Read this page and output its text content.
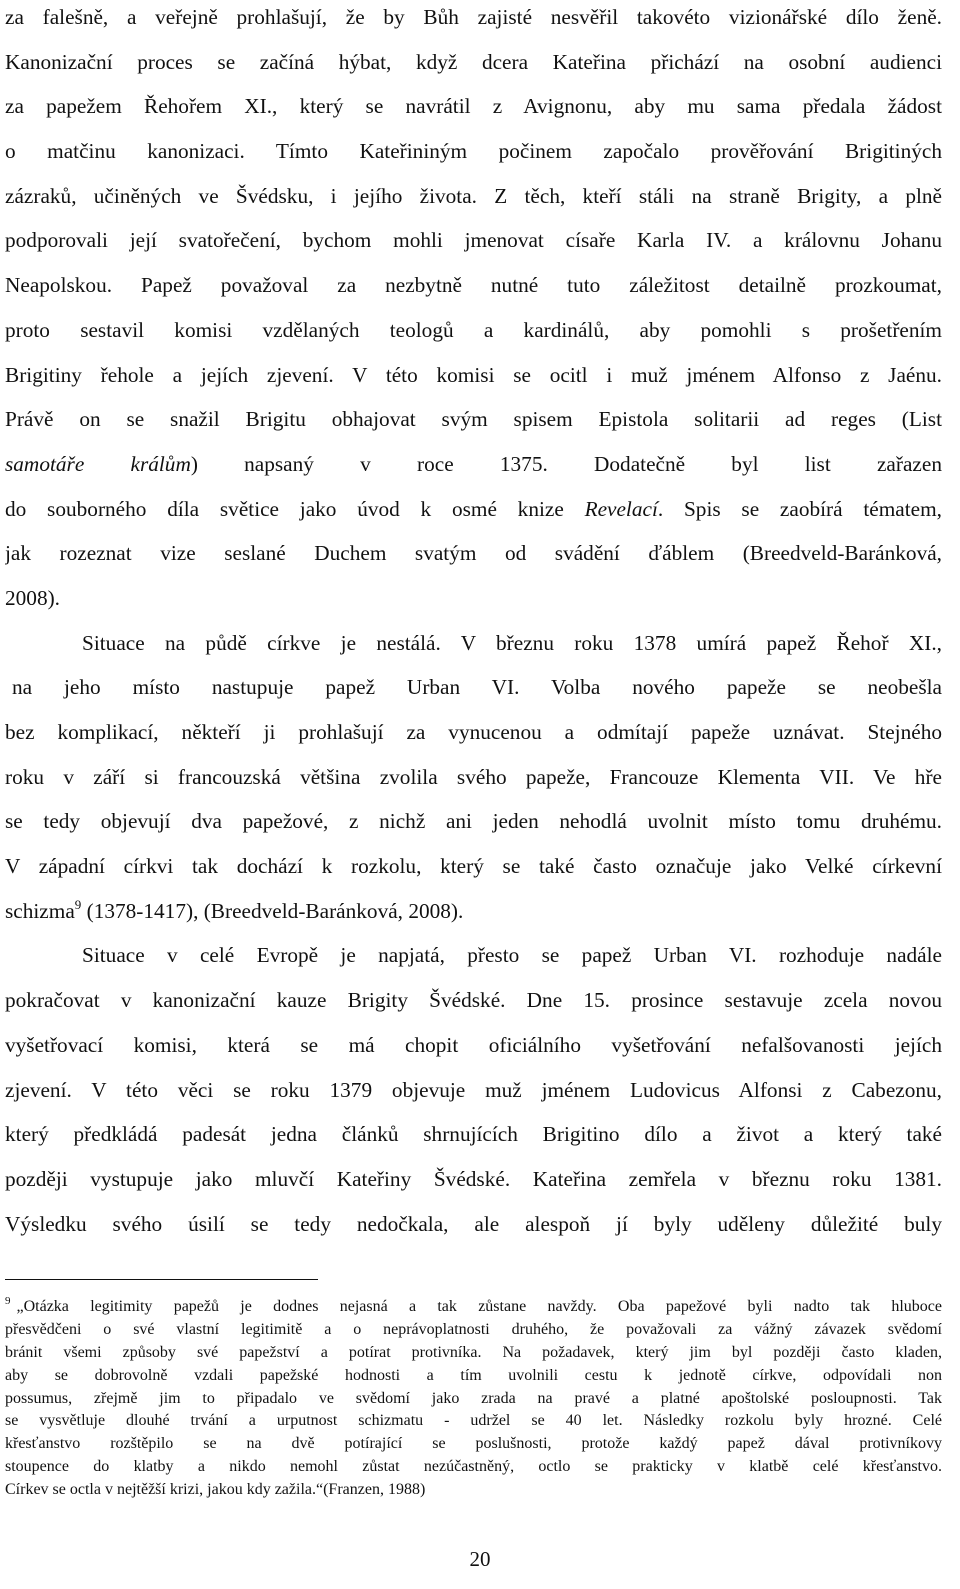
za falešně, a veřejně prohlašují, že by Bůh zajisté nesvěřil takovéto vizionářské dílo ženě.
Kanonizační proces se začíná hýbat, když dcera Kateřina přichází na osobní audienci
za papežem Řehořem XI., který se navrátil z Avignonu, aby mu sama předala žádost
o matčinu kanonizaci. Tímto Kateřininým počinem započalo prověřování Brigitiných
zázraků, učiněných ve Švédsku, i jejího života. Z těch, kteří stáli na straně Brigity, a plně
podporovali její svatořečení, bychom mohli jmenovat císaře Karla IV. a královnu Johanu
Neapolskou. Papež považoval za nezbytně nutné tuto záležitost detailně prozkoumat,
proto sestavil komisi vzdělaných teologů a kardinálů, aby pomohli s prošetřením
Brigitiny řehole a jejích zjevení. V této komisi se ocitl i muž jménem Alfonso z Jaénu.
Právě on se snažil Brigitu obhajovat svým spisem Epistola solitarii ad reges (List
samotáře králům) napsaný v roce 1375. Dodatečně byl list zařazen
do souborného díla světice jako úvod k osmé knize Revelací. Spis se zaobírá tématem,
jak rozeznat vize seslané Duchem svatým od svádění ďáblem (Breedveld-Baránková,
2008).
Situace na půdě církve je nestálá. V březnu roku 1378 umírá papež Řehoř XI.,
na jeho místo nastupuje papež Urban VI. Volba nového papeže se neobešla
bez komplikací, někteří ji prohlašují za vynucenou a odmítají papeže uznávat. Stejného
roku v září si francouzská většina zvolila svého papeže, Francouze Klementa VII. Ve hře
se tedy objevují dva papežové, z nichž ani jeden nehodlá uvolnit místo tomu druhému.
V západní církvi tak dochází k rozkolu, který se také často označuje jako Velké církevní
schizma$^9$ (1378-1417), (Breedveld-Baránková, 2008).
Situace v celé Evropě je napjatá, přesto se papež Urban VI. rozhoduje nadále
pokračovat v kanonizační kauze Brigity Švédské. Dne 15. prosince sestavuje zcela novou
vyšetřovací komisi, která se má chopit oficiálního vyšetřování nefalšovanosti jejích
zjevení. V této věci se roku 1379 objevuje muž jménem Ludovicus Alfonsi z Cabezonu,
který předkládá padesát jedna článků shrnujících Brigitino dílo a život a který také
později vystupuje jako mluvčí Kateřiny Švédské. Kateřina zemřela v březnu roku 1381.
Výsledku svého úsilí se tedy nedočkala, ale alespoň jí byly uděleny důležité buly
$^9$ „Otázka legitimity papežů je dodnes nejasná a tak zůstane navždy. Oba papežové byli nadto tak hluboce
přesvědčeni o své vlastní legitimitě a o neprávoplatnosti druhého, že považovali za vážný závazek svědomí
bránit všemi způsoby své papežství a potírat protivníka. Na požadavek, který jim byl později často kladen,
aby se dobrovolně vzdali papežské hodnosti a tím uvolnili cestu k jednotě církve, odpovídali non
possumus, zřejmě jim to připadalo ve svědomí jako zrada na pravé a platné apoštolské posloupnosti. Tak
se vysvětluje dlouhé trvání a urputnost schizmatu - udržel se 40 let. Následky rozkolu byly hrozné. Celé
křesťanstvo rozštěpilo se na dvě potírající se poslušnosti, protože každý papež dával protivníkovy
stoupence do klatby a nikdo nemohl zůstat nezúčastněný, octlo se prakticky v klatbě celé křesťanstvo.
Církev se octla v nejtěžší krizi, jakou kdy zažila.“(Franzen, 1988)
20
